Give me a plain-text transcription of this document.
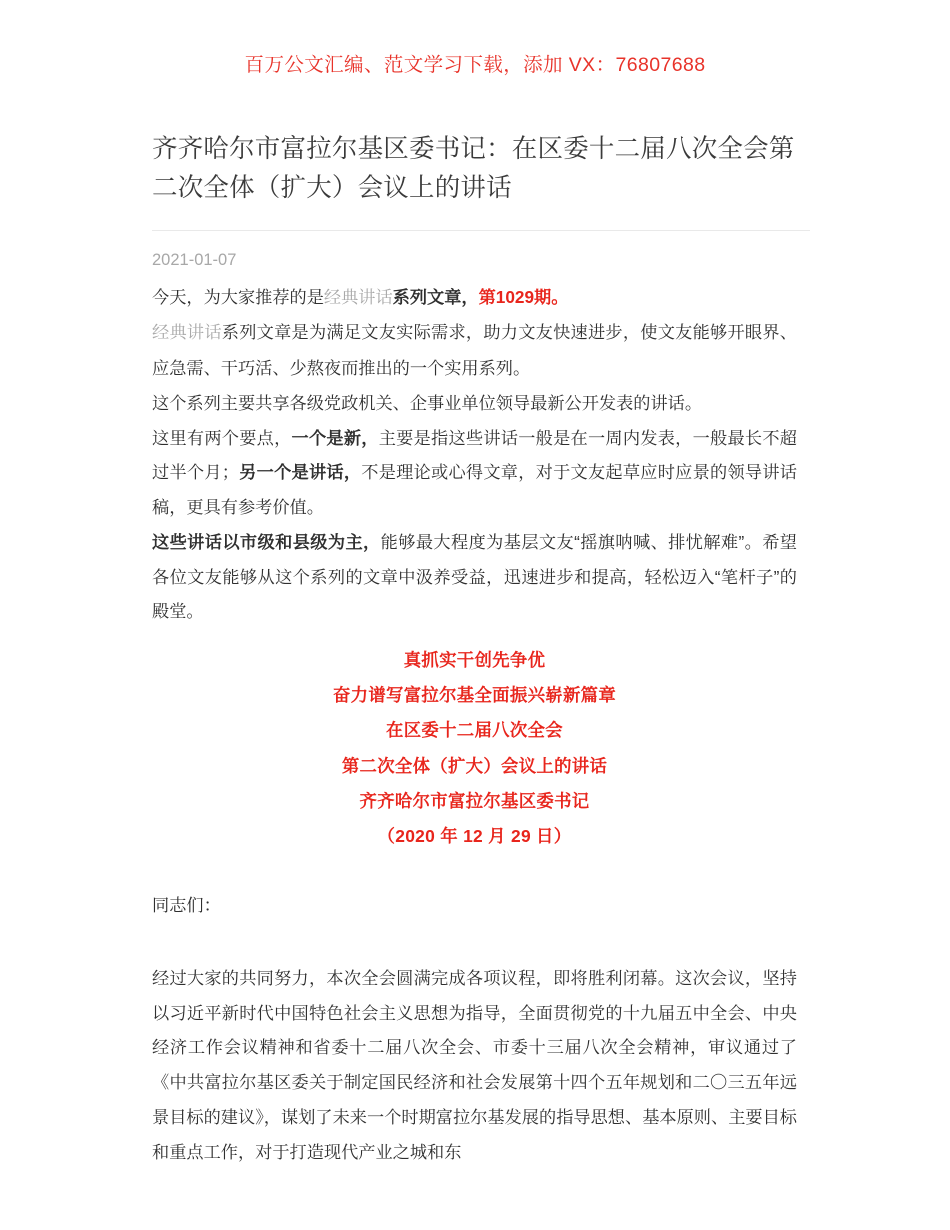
百万公文汇编、范文学习下载，添加 VX：76807688
齐齐哈尔市富拉尔基区委书记：在区委十二届八次全会第二次全体（扩大）会议上的讲话
2021-01-07

今天，为大家推荐的是经典讲话系列文章，第1029期。

经典讲话系列文章是为满足文友实际需求，助力文友快速进步，使文友能够开眼界、应急需、干巧活、少熬夜而推出的一个实用系列。

这个系列主要共享各级党政机关、企事业单位领导最新公开发表的讲话。

这里有两个要点，一个是新，主要是指这些讲话一般是在一周内发表，一般最长不超过半个月；另一个是讲话，不是理论或心得文章，对于文友起草应时应景的领导讲话稿，更具有参考价值。

这些讲话以市级和县级为主，能够最大程度为基层文友“摇旗呐喊、排忧解难”。希望各位文友能够从这个系列的文章中汲养受益，迅速进步和提高，轻松迈入“笔杆子”的殿堂。

真抓实干创先争优
奋力谱写富拉尔基全面振兴崭新篇章
在区委十二届八次全会
第二次全体（扩大）会议上的讲话
齐齐哈尔市富拉尔基区委书记
（2020 年 12 月 29 日）

同志们：

经过大家的共同努力，本次全会圆满完成各项议程，即将胜利闭幕。这次会议，坚持以习近平新时代中国特色社会主义思想为指导，全面贯彻党的十九届五中全会、中央经济工作会议精神和省委十二届八次全会、市委十三届八次全会精神，审议通过了《中共富拉尔基区委关于制定国民经济和社会发展第十四个五年规划和二〇三五年远景目标的建议》，谋划了未来一个时期富拉尔基发展的指导思想、基本原则、主要目标和重点工作，对于打造现代产业之城和东
